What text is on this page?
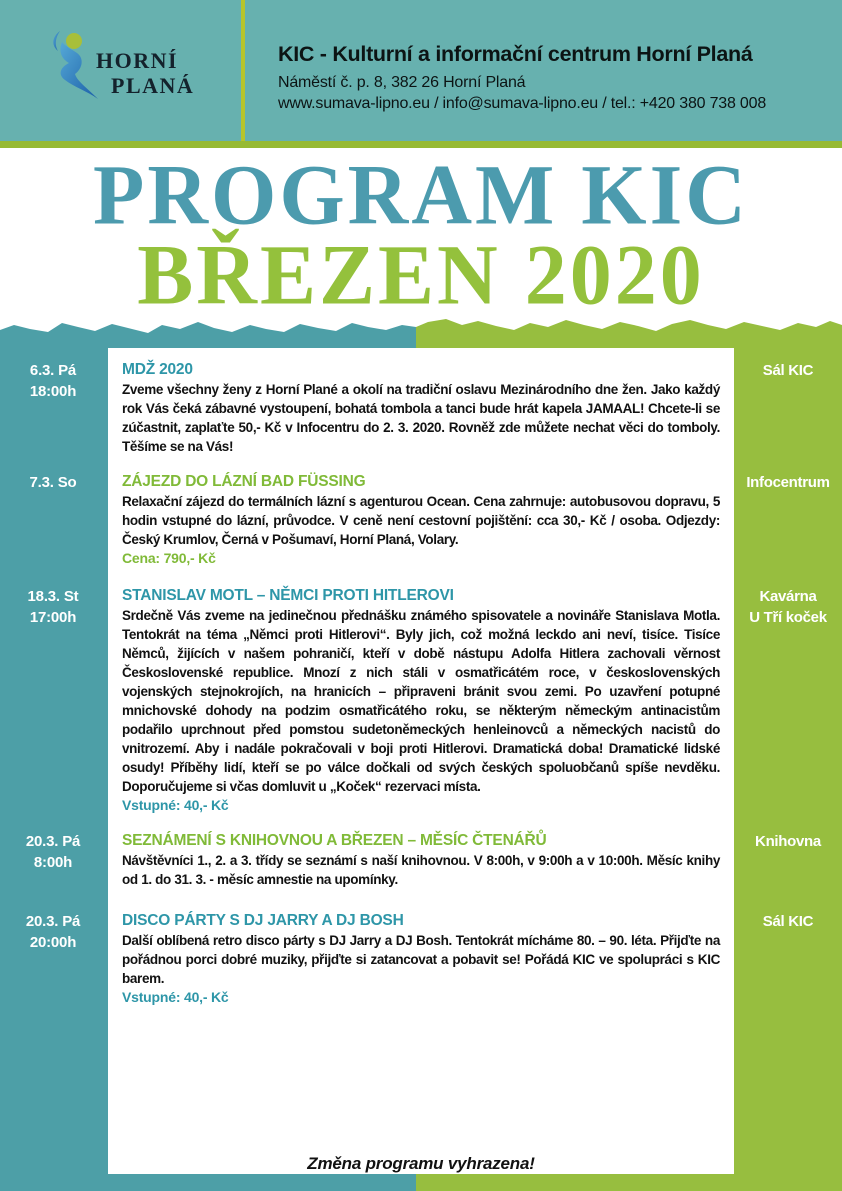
HORNÍ
PLANÁ

KIC - Kulturní a informační centrum Horní Planá

Náměstí č. p. 8, 382 26 Horní Planá

www.sumava-lipno.eu / info@sumava-lipno.eu / tel.: +420 380 738 008

PROGRAM KIC
BŘEZEN 2020
6.3. Pá
18:00h
MDŽ 2020
Zveme všechny ženy z Horní Plané a okolí na tradiční oslavu Mezinárodního dne žen. Jako každý rok Vás čeká zábavné vystoupení, bohatá tombola a tanci bude hrát kapela JAMAAL! Chcete-li se zúčastnit, zaplaťte 50,- Kč v Infocentru do 2. 3. 2020. Rovněž zde můžete nechat věci do tomboly. Těšíme se na Vás!
Sál KIC
7.3. So	ZÁJEZD DO LÁZNÍ BAD FÜSSING
Relaxační zájezd do termálních lázní s agenturou Ocean. Cena zahrnuje: autobusovou dopravu, 5 hodin vstupné do lázní, průvodce. V ceně není cestovní pojištění: cca 30,- Kč / osoba. Odjezdy: Český Krumlov, Černá v Pošumaví, Horní Planá, Volary.
Cena: 790,- Kč
Infocentrum
18.3. St
17:00h
STANISLAV MOTL – NĚMCI PROTI HITLEROVI
Srdečně Vás zveme na jedinečnou přednášku známého spisovatele a novináře Stanislava Motla. Tentokrát na téma „Němci proti Hitlerovi“. Byly jich, což možná leckdo ani neví, tisíce. Tisíce Němců, žijících v našem pohraničí, kteří v době nástupu Adolfa Hitlera zachovali věrnost Československé republice. Mnozí z nich stáli v osmatřicátém roce, v československých vojenských stejnokrojích, na hranicích – připraveni bránit svou zemi. Po uzavření potupné mnichovské dohody na podzim osmatřicátého roku, se některým německým antinacistům podařilo uprchnout před pomstou sudetoněmeckých henleinovců a německých nacistů do vnitrozemí. Aby i nadále pokračovali v boji proti Hitlerovi. Dramatická doba! Dramatické lidské osudy! Příběhy lidí, kteří se po válce dočkali od svých českých spoluobčanů spíše nevděku. Doporučujeme si včas domluvit u „Koček“ rezervaci místa.
Vstupné: 40,- Kč
Kavárna
U Tří koček
20.3. Pá
8:00h
SEZNÁMENÍ S KNIHOVNOU A BŘEZEN – MĚSÍC ČTENÁŘŮ
Návštěvníci 1., 2. a 3. třídy se seznámí s naší knihovnou. V 8:00h, v 9:00h a v 10:00h. Měsíc knihy od 1. do 31. 3. - měsíc amnestie na upomínky.
Knihovna
20.3. Pá
20:00h
DISCO PÁRTY S DJ JARRY A DJ BOSH
Další oblíbená retro disco párty s DJ Jarry a DJ Bosh. Tentokrát mícháme 80. – 90. léta. Přijďte na pořádnou porci dobré muziky, přijďte si zatancovat a pobavit se! Pořádá KIC ve spolupráci s KIC barem.
Vstupné: 40,- Kč
Sál KIC
Změna programu vyhrazena!
